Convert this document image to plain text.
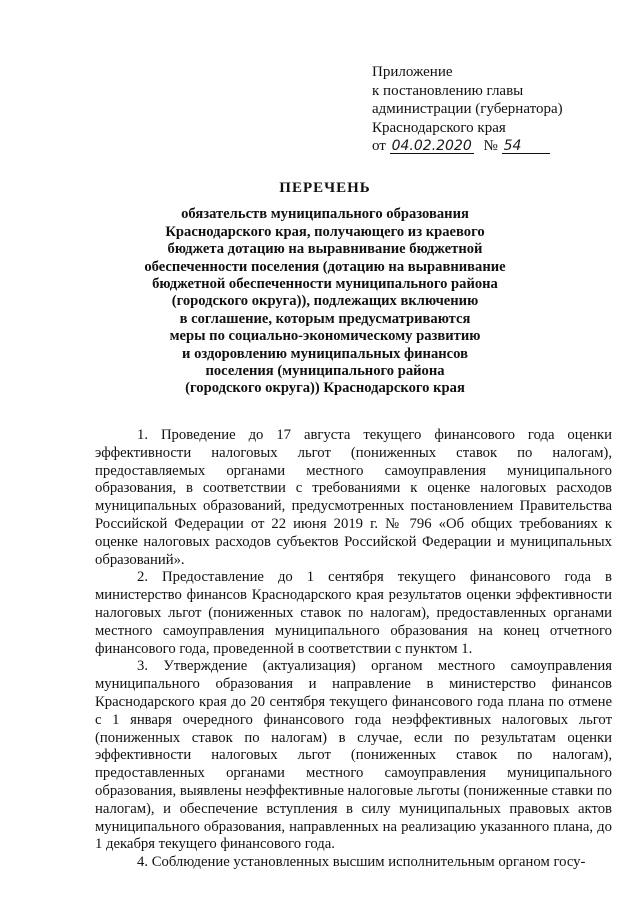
Приложение
к постановлению главы
администрации (губернатора)
Краснодарского края
от 04.02.2020 № 54
ПЕРЕЧЕНЬ
обязательств муниципального образования
Краснодарского края, получающего из краевого
бюджета дотацию на выравнивание бюджетной
обеспеченности поселения (дотацию на выравнивание
бюджетной обеспеченности муниципального района
(городского округа)), подлежащих включению
в соглашение, которым предусматриваются
меры по социально-экономическому развитию
и оздоровлению муниципальных финансов
поселения (муниципального района
(городского округа)) Краснодарского края

1. Проведение до 17 августа текущего финансового года оценки эффективности налоговых льгот (пониженных ставок по налогам), предоставляемых органами местного самоуправления муниципального образования, в соответствии с требованиями к оценке налоговых расходов муниципальных образований, предусмотренных постановлением Правительства Российской Федерации от 22 июня 2019 г. № 796 «Об общих требованиях к оценке налоговых расходов субъектов Российской Федерации и муниципальных образований».

2. Предоставление до 1 сентября текущего финансового года в министерство финансов Краснодарского края результатов оценки эффективности налоговых льгот (пониженных ставок по налогам), предоставленных органами местного самоуправления муниципального образования на конец отчетного финансового года, проведенной в соответствии с пунктом 1.

3. Утверждение (актуализация) органом местного самоуправления муниципального образования и направление в министерство финансов Краснодарского края до 20 сентября текущего финансового года плана по отмене с 1 января очередного финансового года неэффективных налоговых льгот (пониженных ставок по налогам) в случае, если по результатам оценки эффективности налоговых льгот (пониженных ставок по налогам), предоставленных органами местного самоуправления муниципального образования, выявлены неэффективные налоговые льготы (пониженные ставки по налогам), и обеспечение вступления в силу муниципальных правовых актов муниципального образования, направленных на реализацию указанного плана, до 1 декабря текущего финансового года.

4. Соблюдение установленных высшим исполнительным органом госу-
